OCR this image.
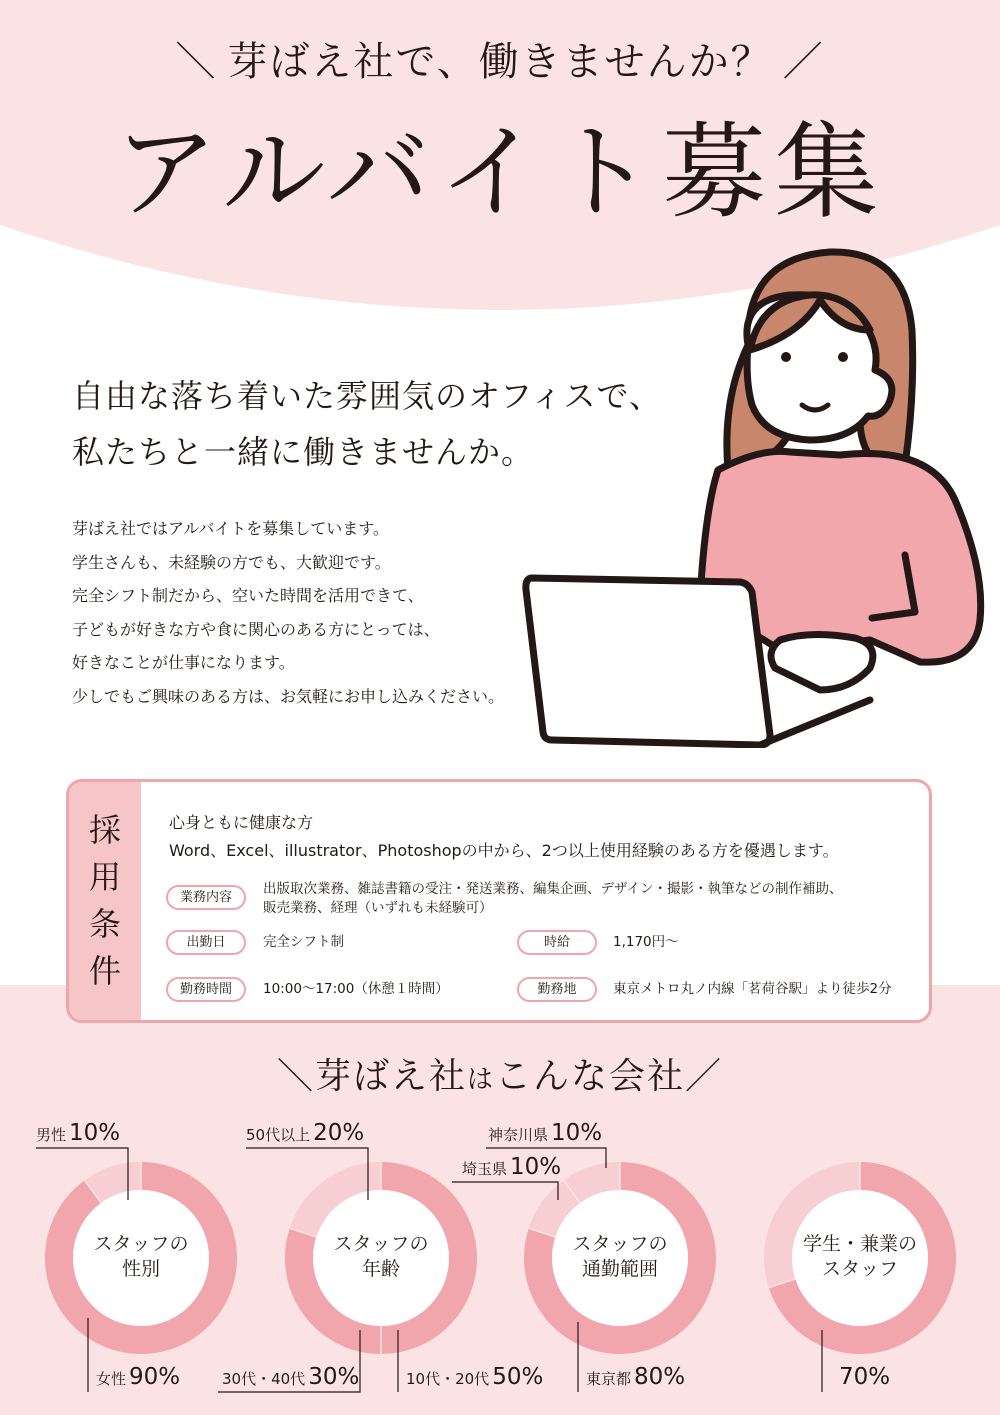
＼ 芽ばえ社で、働きませんか？ ／
アルバイト募集
自由な落ち着いた雰囲気のオフィスで、
私たちと一緒に働きませんか。
芽ばえ社ではアルバイトを募集しています。
学生さんも、未経験の方でも、大歓迎です。
完全シフト制だから、空いた時間を活用できて、
子どもが好きな方や食に関心のある方にとっては、
好きなことが仕事になります。
少しでもご興味のある方は、お気軽にお申し込みください。
採
用
条
件
心身ともに健康な方
Word、Excel、illustrator、Photoshopの中から、2つ以上使用経験のある方を優遇します。
業務内容
出版取次業務、雑誌書籍の受注・発送業務、編集企画、デザイン・撮影・執筆などの制作補助、
販売業務、経理（いずれも未経験可）
出勤日	完全シフト制	時給	1,170円〜
勤務時間	10:00〜17:00（休憩１時間）	勤務地	東京メトロ丸ノ内線「茗荷谷駅」より徒歩2分
＼芽ばえ社はこんな会社／
スタッフの
性別
女性 90%
男性 10%
スタッフの
年齢
10代・20代 50%
30代・40代 30%
50代以上 20%
スタッフの
通勤範囲
東京都 80%
埼玉県 10%
神奈川県 10%
学生・兼業の
スタッフ
70%
